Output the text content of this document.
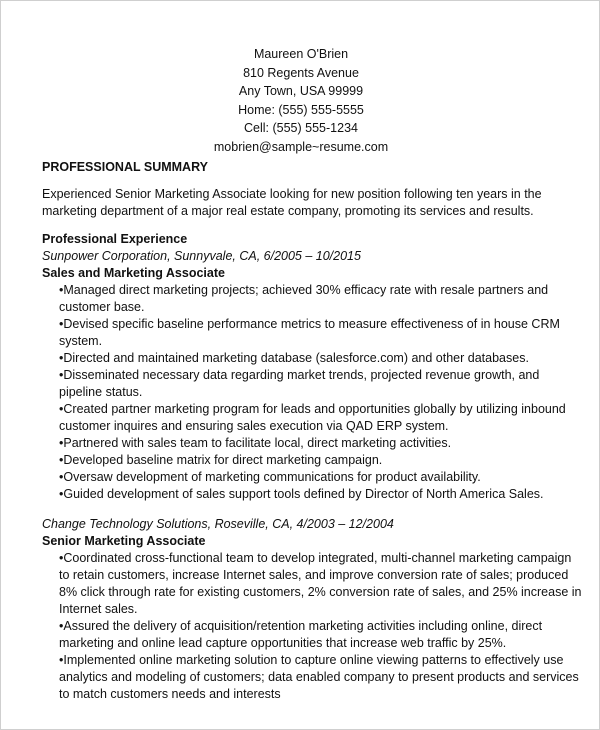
Maureen O'Brien
810 Regents Avenue
Any Town, USA 99999
Home: (555) 555-5555
Cell: (555) 555-1234
mobrien@sample~resume.com
PROFESSIONAL SUMMARY
Experienced Senior Marketing Associate looking for new position following ten years in the marketing department of a major real estate company, promoting its services and results.
Professional Experience
Sunpower Corporation, Sunnyvale, CA, 6/2005 – 10/2015
Sales and Marketing Associate
•Managed direct marketing projects; achieved 30% efficacy rate with resale partners and customer base.
•Devised specific baseline performance metrics to measure effectiveness of in house CRM system.
•Directed and maintained marketing database (salesforce.com) and other databases.
•Disseminated necessary data regarding market trends, projected revenue growth, and pipeline status.
•Created partner marketing program for leads and opportunities globally by utilizing inbound customer inquires and ensuring sales execution via QAD ERP system.
•Partnered with sales team to facilitate local, direct marketing activities.
•Developed baseline matrix for direct marketing campaign.
•Oversaw development of marketing communications for product availability.
•Guided development of sales support tools defined by Director of North America Sales.
Change Technology Solutions, Roseville, CA, 4/2003 – 12/2004
Senior Marketing Associate
•Coordinated cross-functional team to develop integrated, multi-channel marketing campaign to retain customers, increase Internet sales, and improve conversion rate of sales; produced 8% click through rate for existing customers, 2% conversion rate of sales, and 25% increase in Internet sales.
•Assured the delivery of acquisition/retention marketing activities including online, direct marketing and online lead capture opportunities that increase web traffic by 25%.
•Implemented online marketing solution to capture online viewing patterns to effectively use analytics and modeling of customers; data enabled company to present products and services to match customers needs and interests
